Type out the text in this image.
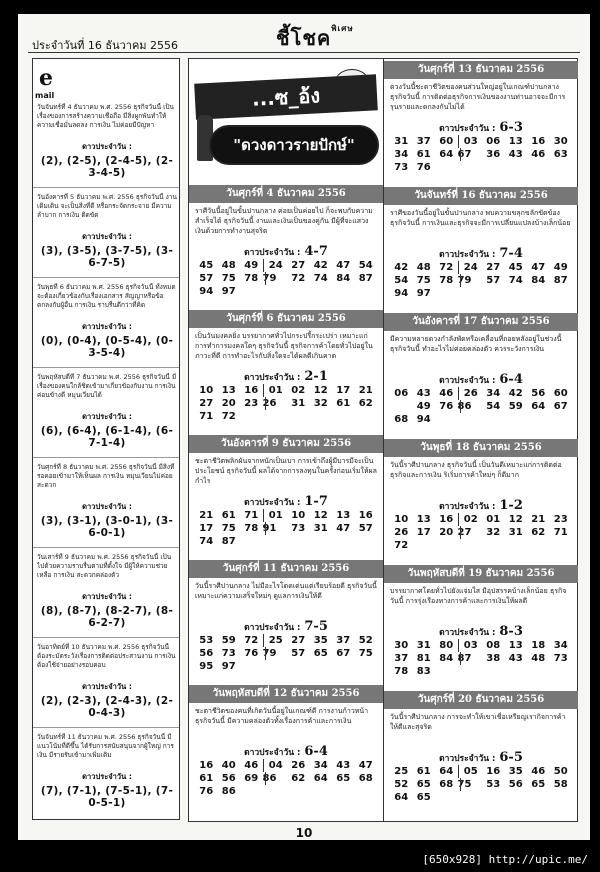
ประจำวันที่ 16 ธันวาคม 2556	ชี้โชค$^{พิเศษ}$
e
mail
วันจันทร์ที่ 4 ธันวาคม พ.ศ. 2556 ธุรกิจวันนี้ เป็นเรื่องของการสร้างความเชื่อถือ มีสิ่งผูกพันทำให้ความเชื่อมั่นลดลง การเงิน ไม่ค่อยมีปัญหา
ดาวประจำวัน :
(2), (2-5), (2-4-5), (2-3-4-5)
วันอังคารที่ 5 ธันวาคม พ.ศ. 2556 ธุรกิจวันนี้ งานเดิมเดิน จะเป็นสิ่งที่ดี หรือกระจัดกระจาย มีความลำบาก การเงิน ติดขัด
ดาวประจำวัน :
(3), (3-5), (3-7-5), (3-6-7-5)
วันพุธที่ 6 ธันวาคม พ.ศ. 2556 ธุรกิจวันนี้ ทั้งหมดจะต้องเกี่ยวข้องกับเรื่องเอกสาร สัญญาหรือข้อตกลงกับผู้อื่น การเงิน ราบรื่นดีกว่าที่คิด
ดาวประจำวัน :
(0), (0-4), (0-5-4), (0-3-5-4)
วันพฤหัสบดีที่ 7 ธันวาคม พ.ศ. 2556 ธุรกิจวันนี้ มีเรื่องของคนใกล้ชิดเข้ามาเกี่ยวข้องกับงาน การเงิน ค่อนข้างดี หมุนเวียนได้
ดาวประจำวัน :
(6), (6-4), (6-1-4), (6-7-1-4)
วันศุกร์ที่ 8 ธันวาคม พ.ศ. 2556 ธุรกิจวันนี้ มีสิ่งที่รอคอยเข้ามาให้เห็นผล การเงิน หมุนเวียนไม่ค่อยสะดวก
ดาวประจำวัน :
(3), (3-1), (3-0-1), (3-6-0-1)
วันเสาร์ที่ 9 ธันวาคม พ.ศ. 2556 ธุรกิจวันนี้ เป็นไปด้วยความราบรื่นตามที่ตั้งใจ มีผู้ให้ความช่วยเหลือ การเงิน สะดวกคล่องตัว
ดาวประจำวัน :
(8), (8-7), (8-2-7), (8-6-2-7)
วันอาทิตย์ที่ 10 ธันวาคม พ.ศ. 2556 ธุรกิจวันนี้ ต้องระมัดระวังเรื่องการติดต่อประสานงาน การเงิน ต้องใช้จ่ายอย่างรอบคอบ
ดาวประจำวัน :
(2), (2-3), (2-4-3), (2-0-4-3)
วันจันทร์ที่ 11 ธันวาคม พ.ศ. 2556 ธุรกิจวันนี้ มีแนวโน้มที่ดีขึ้น ได้รับการสนับสนุนจากผู้ใหญ่ การเงิน มีรายรับเข้ามาเพิ่มเติม
ดาวประจำวัน :
(7), (7-1), (7-5-1), (7-0-5-1)
...ซ_อ้ง
"ดวงดาวรายปักษ์"
วันศุกร์ที่ 4 ธันวาคม 2556
ราศีวันนี้อยู่ในขั้นปานกลาง ค่อยเป็นค่อยไป ก็จะพบกับความสำเร็จได้ ธุรกิจวันนี้ งานและเงินเป็นของคู่กัน มีผู้ที่จะแสวงเงินด้วยการทำงานสุจริต
ดาวประจำวัน : 4-7
45 48 49	24 27 42 47 54
57 75 78 79	72 74 84 87
94 97
วันศุกร์ที่ 6 ธันวาคม 2556
เป็นวันมงคลยิ่ง บรรยากาศทั่วไปกระปรี้กระเปร่า เหมาะแก่การทำการมงคลใดๆ ธุรกิจวันนี้ ธุรกิจการค้าโดยทั่วไปอยู่ในภาวะที่ดี การทำอะไรกับสิ่งใดจะได้ผลดีเกินคาด
ดาวประจำวัน : 2-1
10 13 16	01 02 12 17 21
27 20 23 26	31 32 61 62
71 72
วันอังคารที่ 9 ธันวาคม 2556
ชะตาชีวิตพลิกผันจากหนักเป็นเบา การเข้าถึงผู้มีบารมีจะเป็นประโยชน์ ธุรกิจวันนี้ ผลได้จากการลงทุนในครั้งก่อนเริ่มให้ผลกำไร
ดาวประจำวัน : 1-7
21 61 71	01 10 12 13 16
17 75 78 91	73 31 47 57
74 87
วันศุกร์ที่ 11 ธันวาคม 2556
วันนี้ราศีปานกลาง ไม่มีอะไรโดดเด่นแต่เรียบร้อยดี ธุรกิจวันนี้ เหมาะแก่ความเสร็จใหม่ๆ ดูแลการเงินให้ดี
ดาวประจำวัน : 7-5
53 59 72	25 27 35 37 52
56 73 76 79	57 65 67 75
95 97
วันพฤหัสบดีที่ 12 ธันวาคม 2556
ชะตาชีวิตของคนที่เกิดวันนี้อยู่ในเกณฑ์ดี การงานก้าวหน้า ธุรกิจวันนี้ มีความคล่องตัวทั้งเรื่องการค้าและการเงิน
ดาวประจำวัน : 6-4
16 40 46	04 26 34 43 47
61 56 69 86	62 64 65 68
76 86
วันศุกร์ที่ 13 ธันวาคม 2556
ดวงวันนี้ชะตาชีวิตของคนส่วนใหญ่อยู่ในเกณฑ์ปานกลาง ธุรกิจวันนี้ การติดต่อธุรกิจการเงินของงานท่านอาจจะมีการรุนรายและตกลงกันไม่ได้
ดาวประจำวัน : 6-3
31 37 60	03 06 13 16 30
34 61 64 67	36 43 46 63
73 76
วันจันทร์ที่ 16 ธันวาคม 2556
ราศีของวันนี้อยู่ในขั้นปานกลาง พบความขลุกขลักขัดข้อง ธุรกิจวันนี้ การเงินและธุรกิจจะมีการเปลี่ยนแปลงบ้างเล็กน้อย
ดาวประจำวัน : 7-4
42 48 72	24 27 45 47 49
54 75 78 79	57 74 84 87
94 97
วันอังคารที่ 17 ธันวาคม 2556
มีความหลายดวงกำลังพัดหรือเคลื่อนที่ถอยหลังอยู่ในช่วงนี้ ธุรกิจวันนี้ ทำอะไรไม่ค่อยคล่องตัว ควรระวังการเงิน
ดาวประจำวัน : 6-4
06 43 46	26 34 42 56 60
49 76 86	54 59 64 67
68 94
วันพุธที่ 18 ธันวาคม 2556
วันนี้ราศีปานกลาง ธุรกิจวันนี้ เป็นวันดีเหมาะแก่การติดต่อธุรกิจและการเงิน ริเริ่มการค้าใหม่ๆ ก็ดีมาก
ดาวประจำวัน : 1-2
10 13 16	02 01 12 21 23
26 17 20 27	32 31 62 71
72
วันพฤหัสบดีที่ 19 ธันวาคม 2556
บรรยากาศโดยทั่วไปยังแจ่มใส มีอุปสรรคบ้างเล็กน้อย ธุรกิจวันนี้ การรุ่งเรืองทางการค้าและการเงินให้ผลดี
ดาวประจำวัน : 8-3
30 31 80	03 08 13 18 34
37 81 84 87	38 43 48 73
78 83
วันศุกร์ที่ 20 ธันวาคม 2556
วันนี้ราศีปานกลาง การจะทำให้เขาเชื่อเหรียญเรากิจการค้าให้ดีและสุจริต
ดาวประจำวัน : 6-5
25 61 64	05 16 35 46 50
52 65 68 75	53 56 65 58
64 65
10
[650x928] http://upic.me/
